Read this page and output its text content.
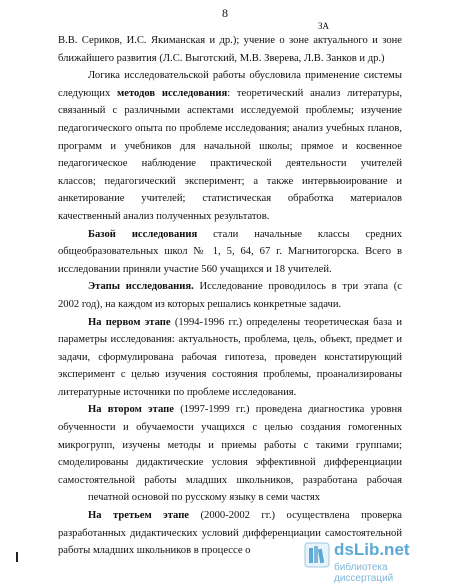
8
ЗА
В.В. Сериков, И.С. Якиманская и др.); учение о зоне актуального и зоне
ближайшего развития (Л.С. Выготский, М.В. Зверева, Л.В. Занков и др.)
Логика исследовательской работы обусловила применение системы
следующих методов исследования: теоретический анализ литературы,
связанный с различными аспектами исследуемой проблемы; изучение
педагогического опыта по проблеме исследования; анализ учебных планов,
программ и учебников для начальной школы; прямое и косвенное
педагогическое наблюдение практической деятельности учителей
классов; педагогический эксперимент; а также интервьюирование и
анкетирование учителей; статистическая обработка материалов
качественный анализ полученных результатов.
Базой исследования стали начальные классы средних
общеобразовательных школ № 1, 5, 64, 67 г. Магнитогорска. Всего в
исследовании приняли участие 560 учащихся и 18 учителей.
Этапы исследования. Исследование проводилось в три этапа (с
2002 год), на каждом из которых решались конкретные задачи.
На первом этапе (1994-1996 гг.) определены теоретическая база и
параметры исследования: актуальность, проблема, цель, объект, предмет и
задачи, сформулирована рабочая гипотеза, проведен констатирующий
эксперимент с целью изучения состояния проблемы, проанализированы
литературные источники по проблеме исследования.
На втором этапе (1997-1999 гг.) проведена диагностика уровня
обученности и обучаемости учащихся с целью создания гомогенных
микрогрупп, изучены методы и приемы работы с такими группами;
смоделированы дидактические условия эффективной дифференциации
самостоятельной работы младших школьников, разработана рабочая
печатной основой по русскому языку в семи частях
На третьем этапе (2000-2002 гг.) осуществлена проверка
разработанных дидактических условий дифференциации самостоятельной
работы младших школьников в процессе о	dsLib.net
библиотека диссертаций
